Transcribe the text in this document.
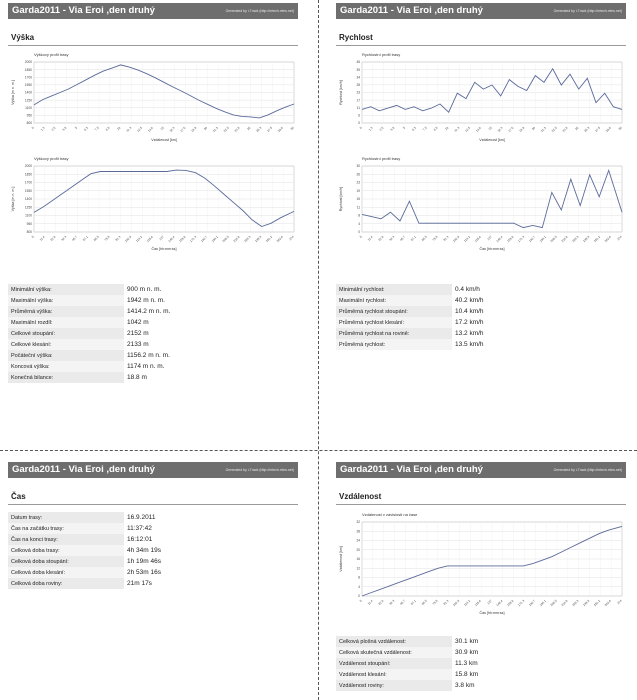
Garda2011 - Via Eroi ,den druhý	Generated by i-Track (http://mtech.rrteo.net)
Výška
Výškový profil trasy
800
950
1100
1250
1400
1550
1700
1850
2000
0 1.3 2.5 3.8 5 6.3 7.5 8.8 10 11.3 12.5 13.8 15 16.3 17.5 18.8 20 21.3 22.5 23.8 25 26.3 27.5 28.8 30
Vzdálenost [km]
Výška [m n. m.]
Výškový profil trasy
800
950
1100
1250
1400
1550
1700
1850
2000
0 11.4 22.8 34.3 45.7 57.1 68.5 79.9 91.3 102.8 114.2 125.6 137 148.4 159.8 171.3 182.7 194.1 205.5 216.9 228.3 239.8 251.2 262.6 274
Čas [hh:mm:ss]
Výška [m n. m.]
Minimální výška:	900 m n. m.
Maximální výška:	1942 m n. m.
Průměrná výška:	1414.2 m n. m.
Maximální rozdíl:	1042 m
Celkové stoupání:	2152 m
Celkové klesání:	2133 m
Počáteční výška:	1156.2 m n. m.
Koncová výška:	1174 m n. m.
Konečná bilance:	18.8 m
Garda2011 - Via Eroi ,den druhý	Generated by i-Track (http://mtech.rrteo.net)
Rychlost
Rychlostní profil trasy
0
6
11
17
23
28
34
39
45
0 1.3 2.5 3.8 5 6.3 7.5 8.8 10 11.3 12.5 13.8 15 16.3 17.5 18.8 20 21.3 22.5 23.8 25 26.3 27.5 28.8 30
Vzdálenost [km]
Rychlost [km/h]
Rychlostní profil trasy
0
4
8
11
15
19
23
26
30
0 11.4 22.8 34.3 45.7 57.1 68.5 79.9 91.3 102.8 114.2 125.6 137 148.4 159.8 171.3 182.7 194.1 205.5 216.9 228.3 239.8 251.2 262.6 274
Čas [hh:mm:ss]
Rychlost [km/h]
Minimální rychlost:	0.4 km/h
Maximální rychlost:	40.2 km/h
Průměrná rychlost stoupání:	10.4 km/h
Průměrná rychlost klesání:	17.2 km/h
Průměrná rychlost na rovině:	13.2 km/h
Průměrná rychlost:	13.5 km/h
Garda2011 - Via Eroi ,den druhý	Generated by i-Track (http://mtech.rrteo.net)
Čas
Datum trasy:	16.9.2011
Čas na začátku trasy:	11:37:42
Čas na konci trasy:	16:12:01
Celková doba trasy:	4h 34m 19s
Celková doba stoupání:	1h 19m 46s
Celková doba klesání:	2h 53m 16s
Celková doba roviny:	21m 17s
Garda2011 - Via Eroi ,den druhý	Generated by i-Track (http://mtech.rrteo.net)
Vzdálenost
Vzdálenost v závislosti na čase
0
4
8
12
16
20
24
28
32
0 11.4 22.8 34.3 45.7 57.1 68.5 79.9 91.3 102.8 114.2 125.6 137 148.4 159.8 171.3 182.7 194.1 205.5 216.9 228.3 239.8 251.2 262.6 274
Čas [hh:mm:ss]
Vzdálenost [km]
Celková plošná vzdálenost:	30.1 km
Celková skutečná vzdálenost:	30.9 km
Vzdálenost stoupání:	11.3 km
Vzdálenost klesání:	15.8 km
Vzdálenost roviny:	3.8 km
